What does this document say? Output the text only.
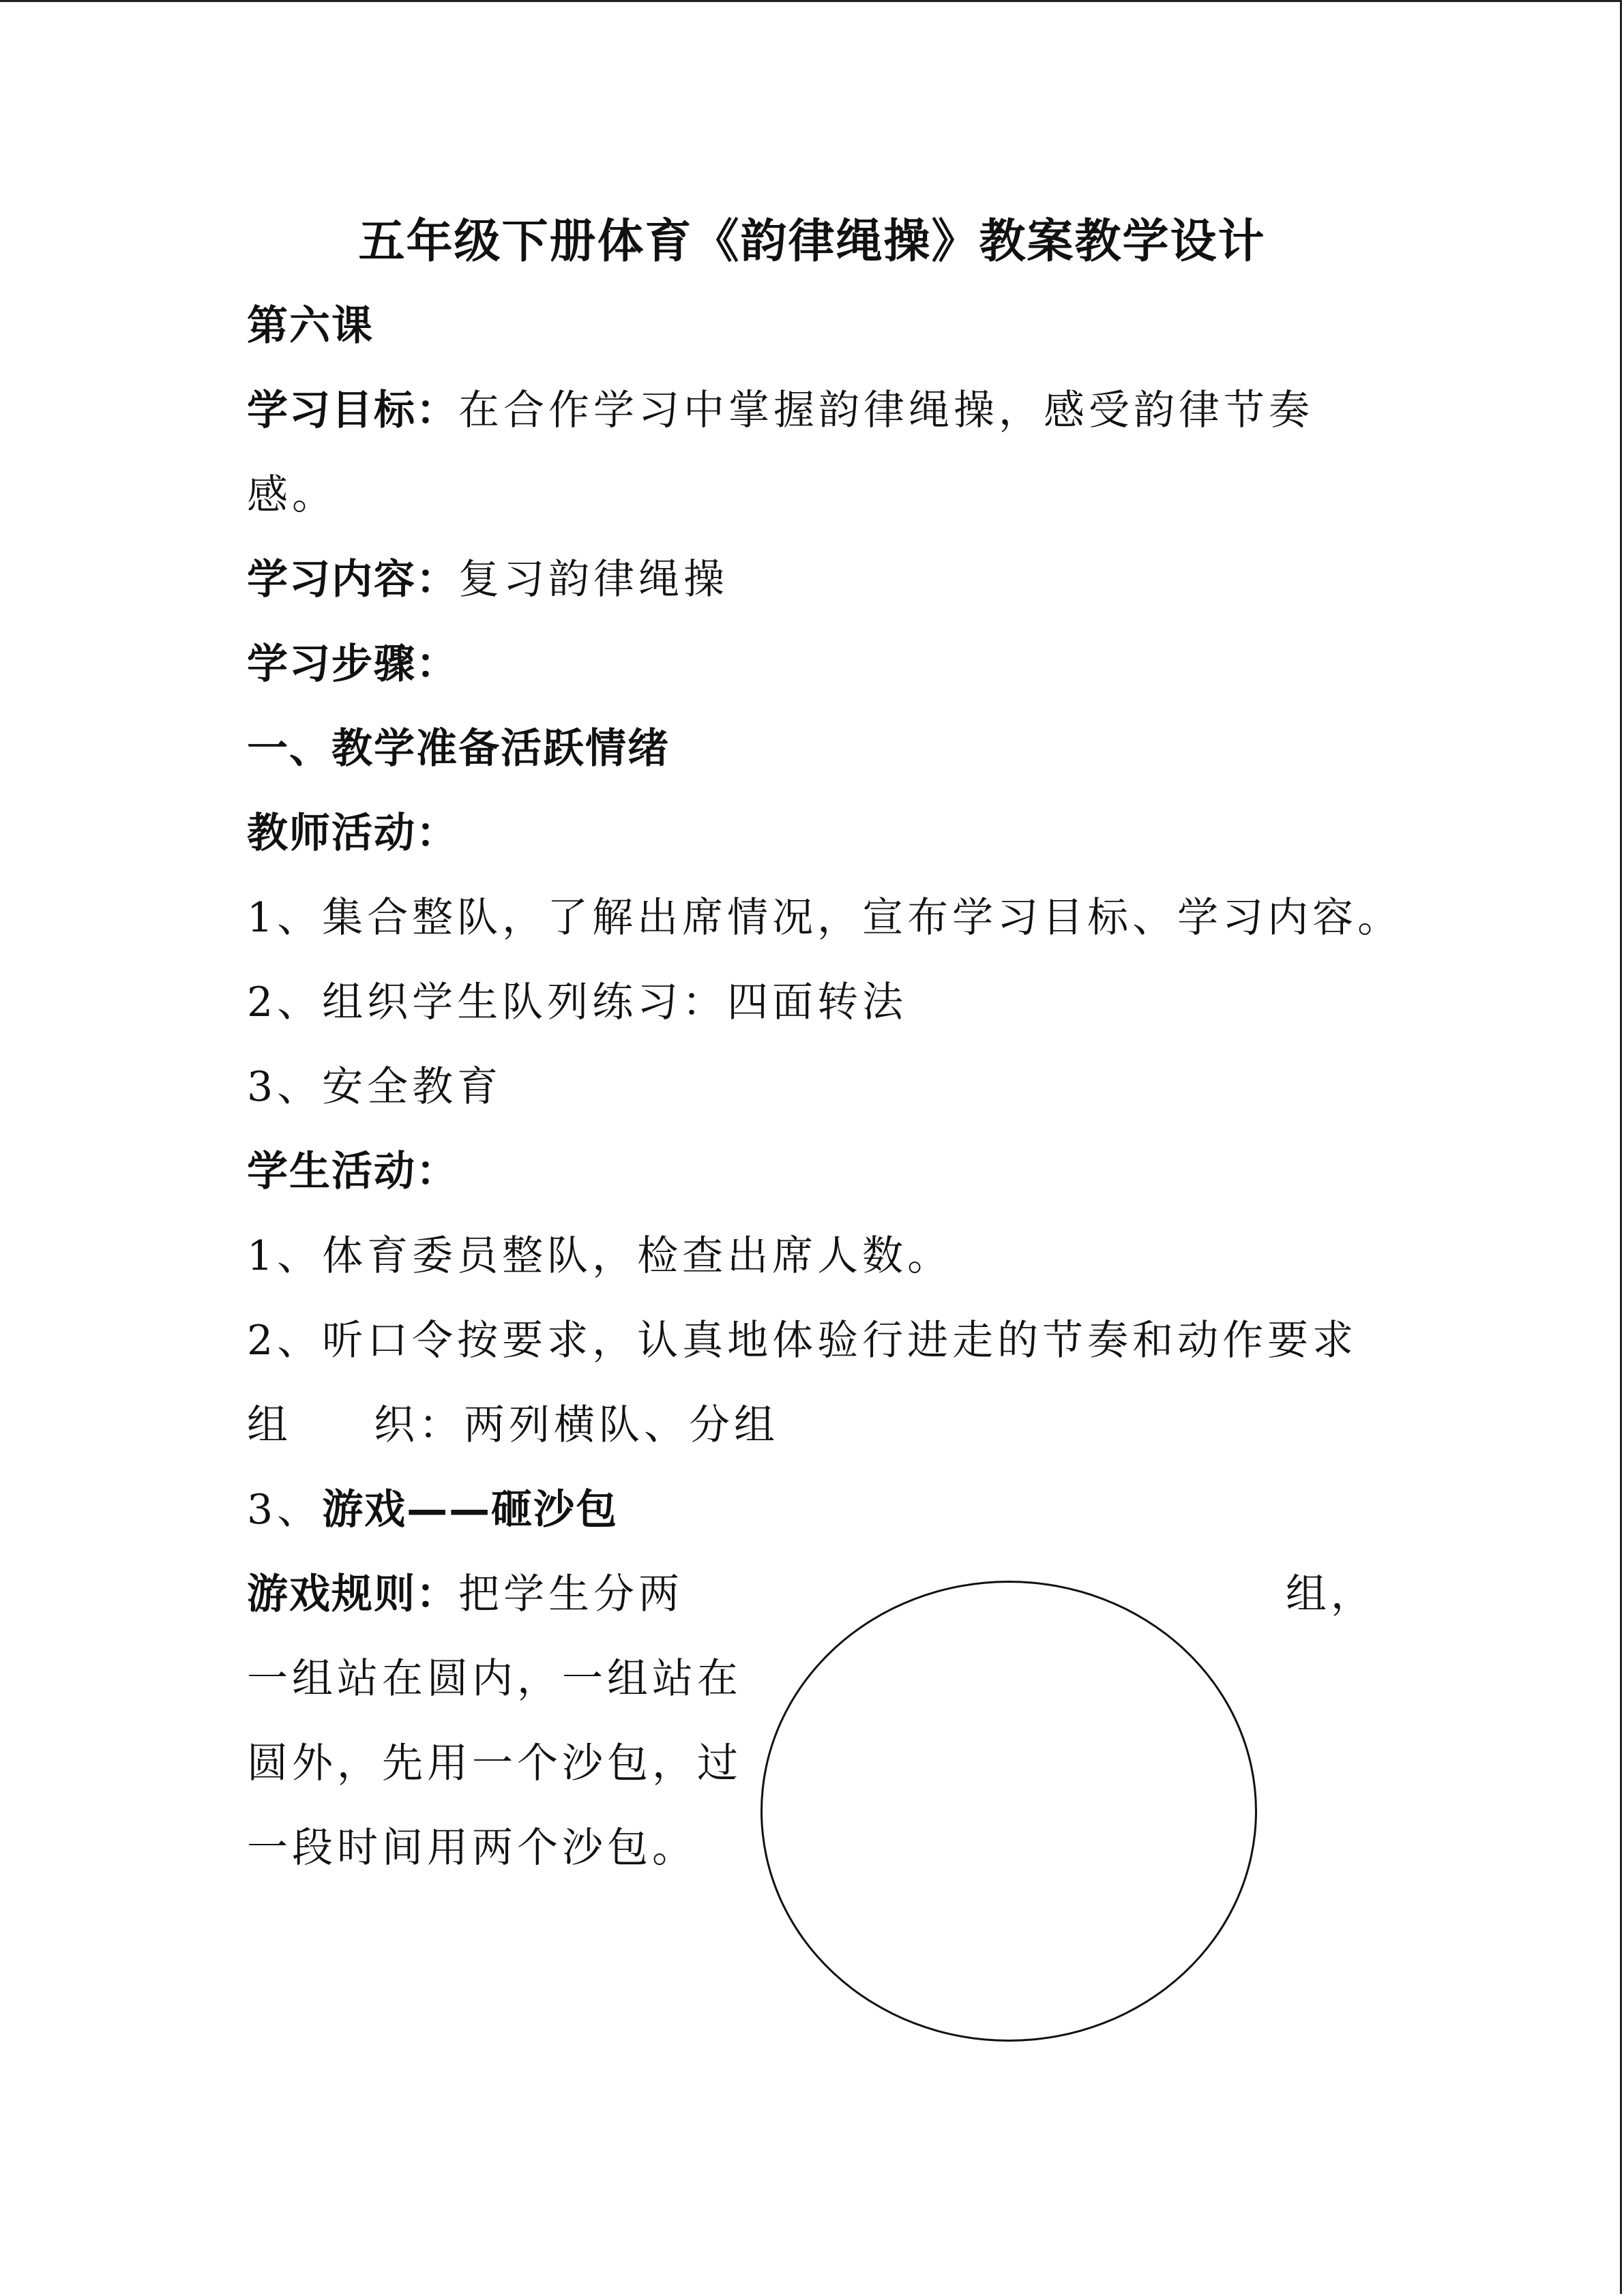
五年级下册体育《韵律绳操》教案教学设计
第六课
学习目标：在合作学习中掌握韵律绳操，感受韵律节奏
感。
学习内容：复习韵律绳操
学习步骤：
一、教学准备活跃情绪
教师活动：
1、集合整队，了解出席情况，宣布学习目标、学习内容。
2、组织学生队列练习：四面转法
3、安全教育
学生活动：
1、体育委员整队，检查出席人数。
2、听口令按要求，认真地体验行进走的节奏和动作要求
组 织：两列横队、分组
3、游戏——砸沙包
游戏规则：把学生分两	组，
一组站在圆内，一组站在
圆外，先用一个沙包，过
一段时间用两个沙包。
